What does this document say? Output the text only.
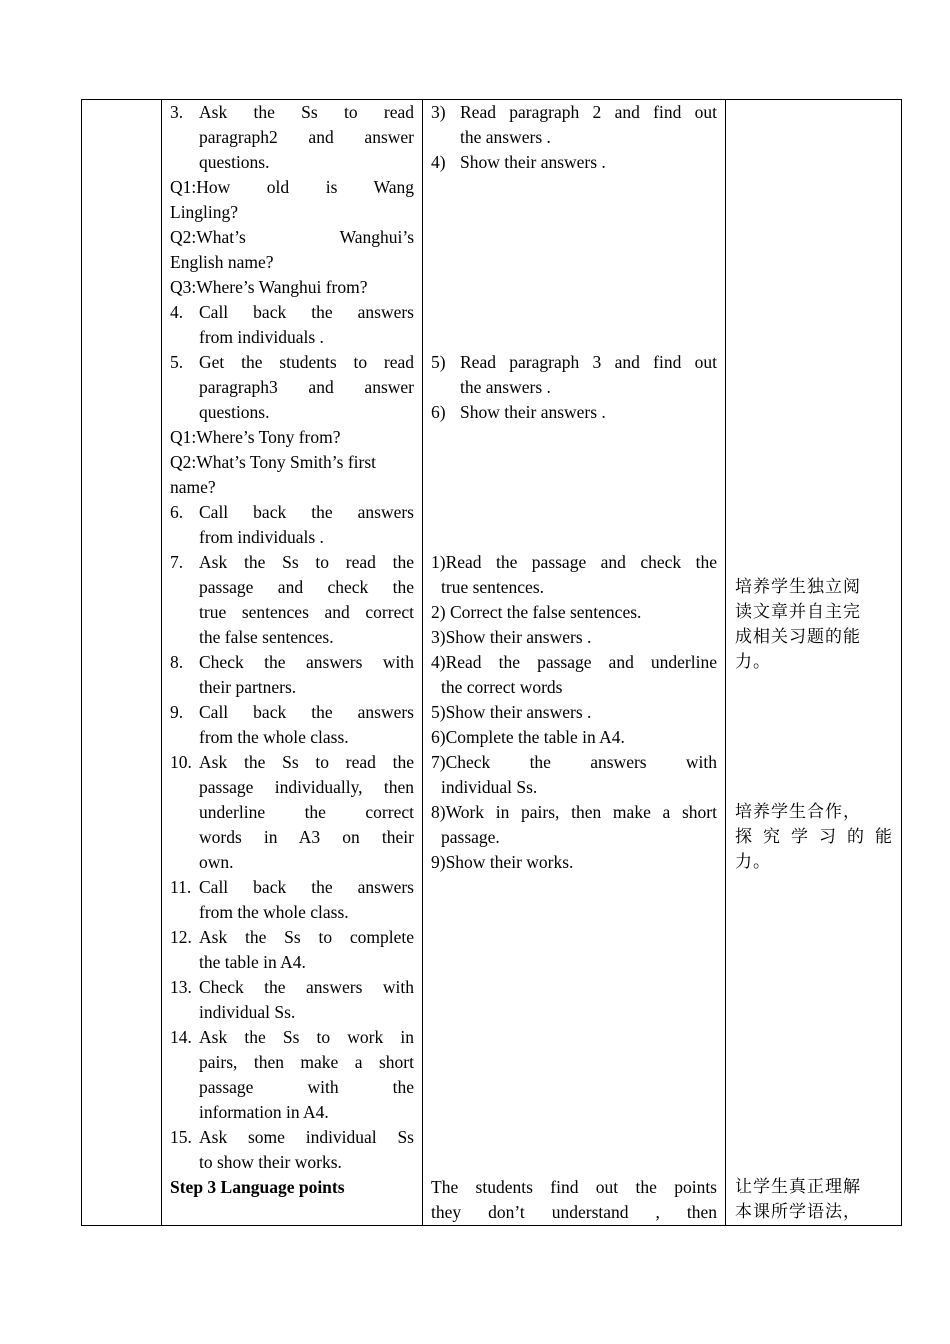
3. Ask the Ss to read
paragraph2 and answer
questions.
Q1:How old is Wang
Lingling?
Q2:What’s Wanghui’s
English name?
Q3:Where’s Wanghui from?
4. Call back the answers
from individuals .
5. Get the students to read
paragraph3 and answer
questions.
Q1:Where’s Tony from?
Q2:What’s Tony Smith’s first
name?
6. Call back the answers
from individuals .
7. Ask the Ss to read the
passage and check the
true sentences and correct
the false sentences.
8. Check the answers with
their partners.
9. Call back the answers
from the whole class.
10. Ask the Ss to read the
passage individually, then
underline the correct
words in A3 on their
own.
11. Call back the answers
from the whole class.
12. Ask the Ss to complete
the table in A4.
13. Check the answers with
individual Ss.
14. Ask the Ss to work in
pairs, then make a short
passage with the
information in A4.
15. Ask some individual Ss
to show their works.
Step 3 Language points

3) Read paragraph 2 and find out
the answers .
4) Show their answers .
5) Read paragraph 3 and find out
the answers .
6) Show their answers .
1)Read the passage and check the
true sentences.
2) Correct the false sentences.
3)Show their answers .
4)Read the passage and underline
the correct words
5)Show their answers .
6)Complete the table in A4.
7)Check the answers with
individual Ss.
8)Work in pairs, then make a short
passage.
9)Show their works.
The students find out the points
they don’t understand , then

培养学生独立阅
读文章并自主完
成相关习题的能
力。
培养学生合作，
探究学习的能
力。
让学生真正理解
本课所学语法，
